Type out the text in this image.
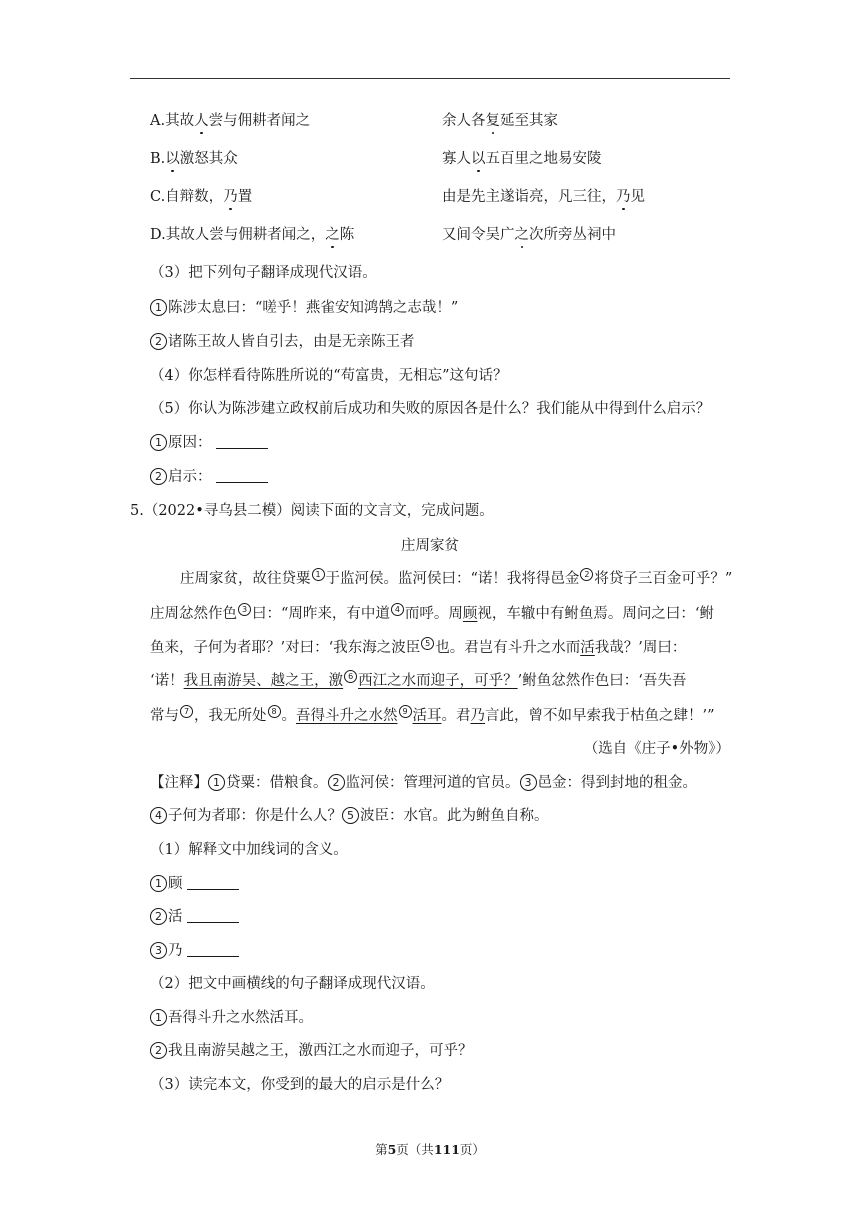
A.其故人尝与佣耕者闻之	余人各复延至其家
B.以激怒其众	寡人以五百里之地易安陵
C.自辩数，乃置	由是先主遂诣亮，凡三往，乃见
D.其故人尝与佣耕者闻之，之陈	又间令吴广之次所旁丛祠中
（3）把下列句子翻译成现代汉语。
1 陈涉太息曰：“嗟乎！燕雀安知鸿鹄之志哉！”
2 诸陈王故人皆自引去，由是无亲陈王者
（4）你怎样看待陈胜所说的“苟富贵，无相忘”这句话？
（5）你认为陈涉建立政权前后成功和失败的原因各是什么？我们能从中得到什么启示？
1 原因：
2 启示：
5.（2022•寻乌县二模）阅读下面的文言文，完成问题。
庄周家贫
庄周家贫，故往贷粟 1 于监河侯。监河侯曰：“诺！我将得邑金 2 将贷子三百金可乎？”
庄周忿然作色 3 曰：“周昨来，有中道 4 而呼。周顾视，车辙中有鲋鱼焉。周问之曰：‘鲋
鱼来，子何为者耶？’对曰：‘我东海之波臣 5 也。君岂有斗升之水而活我哉？’周曰：
‘诺！我且南游吴、越之王，激 6 西江之水而迎子，可乎？’鲋鱼忿然作色曰：‘吾失吾
常与 7 ，我无所处 8 。吾得斗升之水然 9 活耳。君乃言此，曾不如早索我于枯鱼之肆！’”
（选自《庄子•外物》）
【注释】 1 贷粟：借粮食。 2 监河侯：管理河道的官员。 3 邑金：得到封地的租金。
4 子何为者耶：你是什么人？ 5 波臣：水官。此为鲋鱼自称。
（1）解释文中加线词的含义。
1 顾
2 活
3 乃
（2）把文中画横线的句子翻译成现代汉语。
1 吾得斗升之水然活耳。
2 我且南游吴越之王，激西江之水而迎子，可乎？
（3）读完本文，你受到的最大的启示是什么？
第5页（共111页）
